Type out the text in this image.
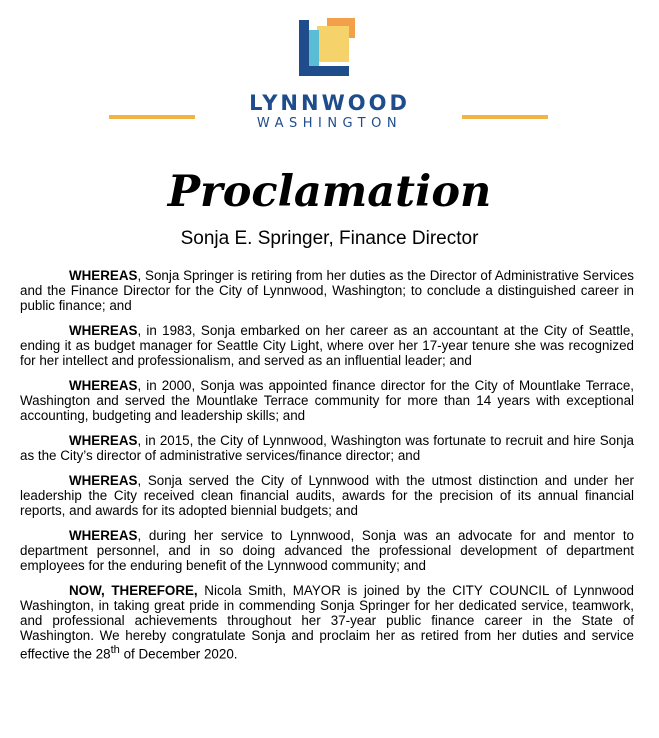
LYNNWOOD
WASHINGTON
Proclamation
Sonja E. Springer, Finance Director

WHEREAS, Sonja Springer is retiring from her duties as the Director of Administrative Services and the Finance Director for the City of Lynnwood, Washington; to conclude a distinguished career in public finance; and

WHEREAS, in 1983, Sonja embarked on her career as an accountant at the City of Seattle, ending it as budget manager for Seattle City Light, where over her 17-year tenure she was recognized for her intellect and professionalism, and served as an influential leader; and

WHEREAS, in 2000, Sonja was appointed finance director for the City of Mountlake Terrace, Washington and served the Mountlake Terrace community for more than 14 years with exceptional accounting, budgeting and leadership skills; and

WHEREAS, in 2015, the City of Lynnwood, Washington was fortunate to recruit and hire Sonja as the City’s director of administrative services/finance director; and

WHEREAS, Sonja served the City of Lynnwood with the utmost distinction and under her leadership the City received clean financial audits, awards for the precision of its annual financial reports, and awards for its adopted biennial budgets; and

WHEREAS, during her service to Lynnwood, Sonja was an advocate for and mentor to department personnel, and in so doing advanced the professional development of department employees for the enduring benefit of the Lynnwood community; and

NOW, THEREFORE, Nicola Smith, MAYOR is joined by the CITY COUNCIL of Lynnwood Washington, in taking great pride in commending Sonja Springer for her dedicated service, teamwork, and professional achievements throughout her 37-year public finance career in the State of Washington. We hereby congratulate Sonja and proclaim her as retired from her duties and service effective the 28th of December 2020.
